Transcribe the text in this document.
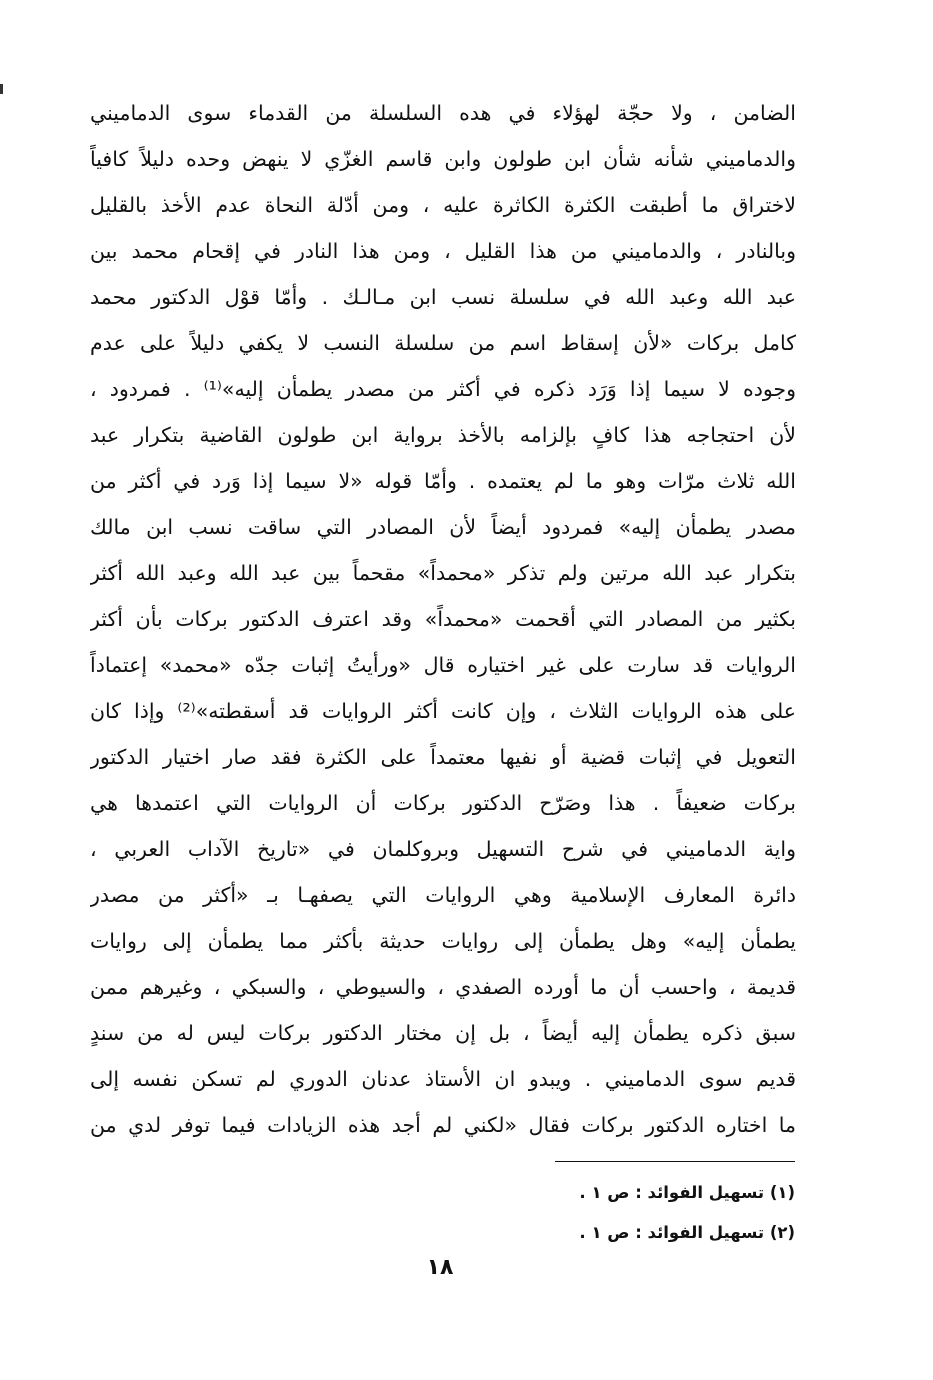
الضامن ، ولا حجّة لهؤلاء في هده السلسلة من القدماء سوى الدماميني
والدماميني شأنه شأن ابن طولون وابن قاسم الغزّي لا ينهض وحده دليلاً كافياً
لاختراق ما أطبقت الكثرة الكاثرة عليه ، ومن أدّلة النحاة عدم الأخذ بالقليل
وبالنادر ، والدماميني من هذا القليل ، ومن هذا النادر في إقحام محمد بين
عبد الله وعبد الله في سلسلة نسب ابن مـالـك . وأمّا قوْل الدكتور محمد
كامل بركات «لأن إسقاط اسم من سلسلة النسب لا يكفي دليلاً على عدم
وجوده لا سيما إذا وَرَد ذكره في أكثر من مصدر يطمأن إليه»⁽¹⁾ . فمردود ،
لأن احتجاجه هذا كافٍ بإلزامه بالأخذ برواية ابن طولون القاضية بتكرار عبد
الله ثلاث مرّات وهو ما لم يعتمده . وأمّا قوله «لا سيما إذا وَرد في أكثر من
مصدر يطمأن إليه» فمردود أيضاً لأن المصادر التي ساقت نسب ابن مالك
بتكرار عبد الله مرتين ولم تذكر «محمداً» مقحماً بين عبد الله وعبد الله أكثر
بكثير من المصادر التي أقحمت «محمداً» وقد اعترف الدكتور بركات بأن أكثر
الروايات قد سارت على غير اختياره قال «ورأيتُ إثبات جدّه «محمد» إعتماداً
على هذه الروايات الثلاث ، وإن كانت أكثر الروايات قد أسقطته»⁽²⁾ وإذا كان
التعويل في إثبات قضية أو نفيها معتمداً على الكثرة فقد صار اختيار الدكتور
بركات ضعيفاً . هذا وصَرّح الدكتور بركات أن الروايات التي اعتمدها هي
واية الدماميني في شرح التسهيل وبروكلمان في «تاريخ الآداب العربي ،
دائرة المعارف الإسلامية وهي الروايات التي يصفهـا بـ «أكثر من مصدر
يطمأن إليه» وهل يطمأن إلى روايات حديثة بأكثر مما يطمأن إلى روايات
قديمة ، واحسب أن ما أورده الصفدي ، والسيوطي ، والسبكي ، وغيرهم ممن
سبق ذكره يطمأن إليه أيضاً ، بل إن مختار الدكتور بركات ليس له من سندٍ
قديم سوى الدماميني . ويبدو ان الأستاذ عدنان الدوري لم تسكن نفسه إلى
ما اختاره الدكتور بركات فقال «لكني لم أجد هذه الزيادات فيما توفر لدي من
(١) تسهيل الفوائد : ص ١ .
(٢) تسهيل الفوائد : ص ١ .
١٨
